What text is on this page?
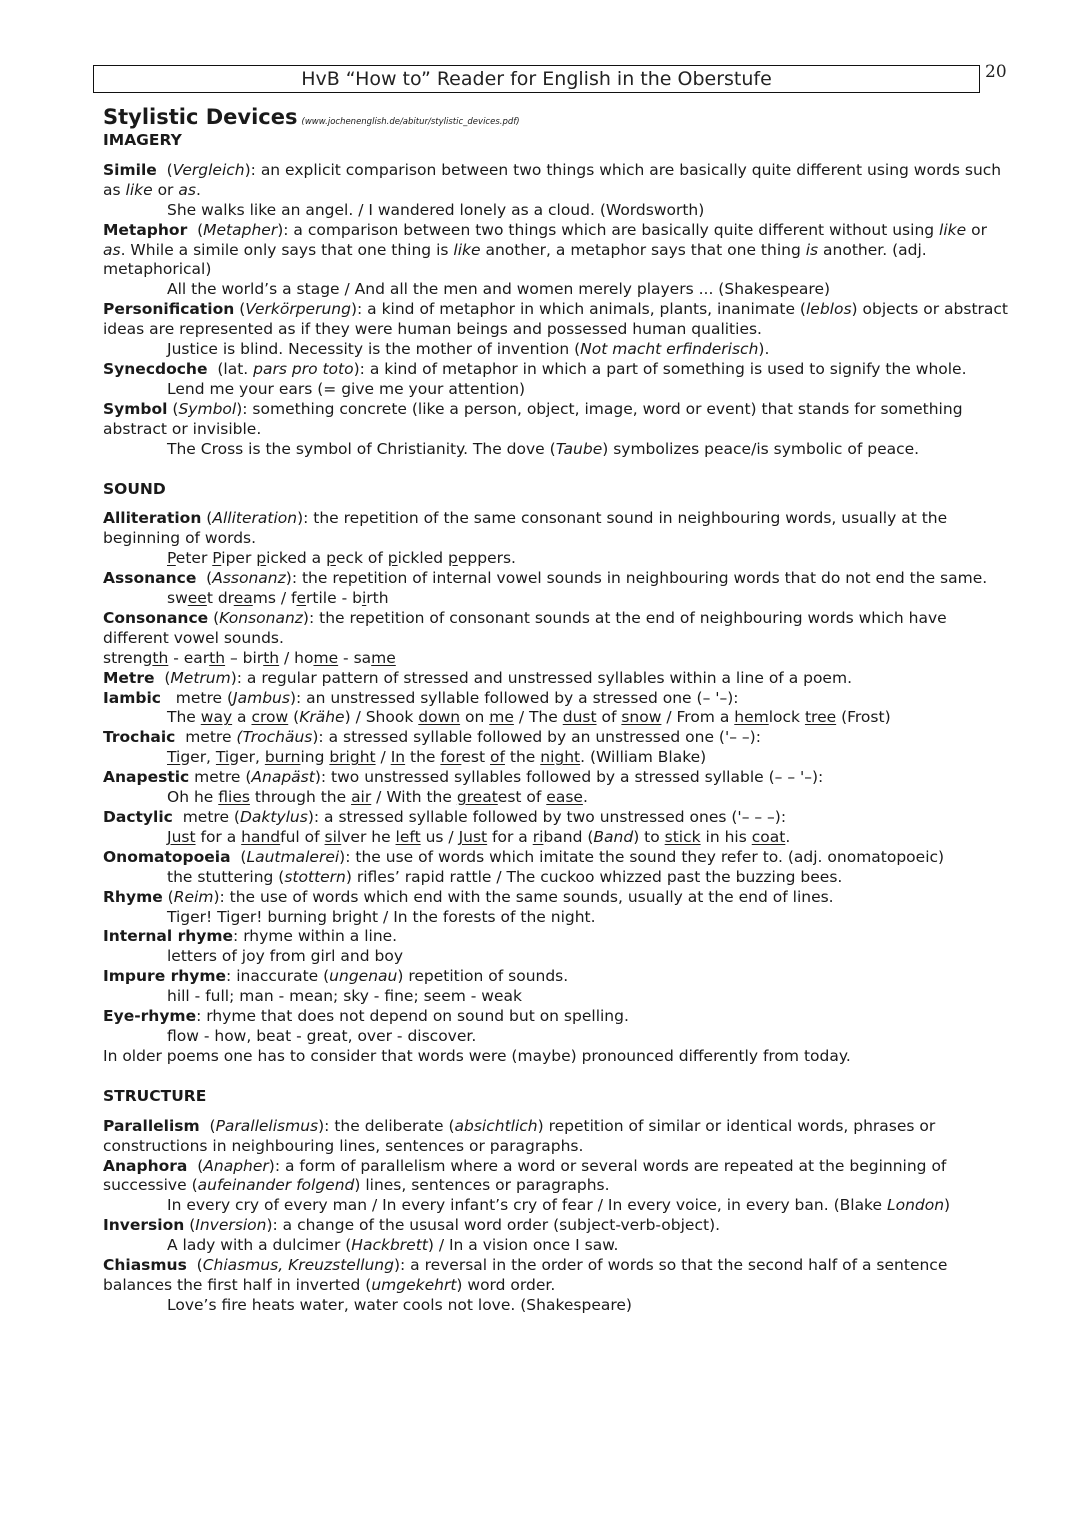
HvB “How to” Reader for English in the Oberstufe	20
Stylistic Devices (www.jochenenglish.de/abitur/stylistic_devices.pdf)
IMAGERY

Simile  (Vergleich): an explicit comparison between two things which are basically quite different using words such as like or as.

She walks like an angel. / I wandered lonely as a cloud. (Wordsworth)

Metaphor  (Metapher): a comparison between two things which are basically quite different without using like or as. While a simile only says that one thing is like another, a metaphor says that one thing is another. (adj. metaphorical)

All the world’s a stage / And all the men and women merely players ... (Shakespeare)

Personification (Verkörperung): a kind of metaphor in which animals, plants, inanimate (leblos) objects or abstract ideas are represented as if they were human beings and possessed human qualities.

Justice is blind. Necessity is the mother of invention (Not macht erfinderisch).

Synecdoche  (lat. pars pro toto): a kind of metaphor in which a part of something is used to signify the whole.

Lend me your ears (= give me your attention)

Symbol (Symbol): something concrete (like a person, object, image, word or event) that stands for something abstract or invisible.

The Cross is the symbol of Christianity. The dove (Taube) symbolizes peace/is symbolic of peace.

SOUND

Alliteration (Alliteration): the repetition of the same consonant sound in neighbouring words, usually at the beginning of words.

Peter Piper picked a peck of pickled peppers.

Assonance  (Assonanz): the repetition of internal vowel sounds in neighbouring words that do not end the same.

sweet dreams / fertile - birth

Consonance (Konsonanz): the repetition of consonant sounds at the end of neighbouring words which have different vowel sounds.

strength - earth – birth / home - same

Metre  (Metrum): a regular pattern of stressed and unstressed syllables within a line of a poem.

Iambic   metre (Jambus): an unstressed syllable followed by a stressed one (– '–):

The way a crow (Krähe) / Shook down on me / The dust of snow / From a hemlock tree (Frost)

Trochaic  metre (Trochäus): a stressed syllable followed by an unstressed one ('– –):

Tiger, Tiger, burning bright / In the forest of the night. (William Blake)

Anapestic metre (Anapäst): two unstressed syllables followed by a stressed syllable (– – '–):

Oh he flies through the air / With the greatest of ease.

Dactylic  metre (Daktylus): a stressed syllable followed by two unstressed ones ('– – –):

Just for a handful of silver he left us / Just for a riband (Band) to stick in his coat.

Onomatopoeia  (Lautmalerei): the use of words which imitate the sound they refer to. (adj. onomatopoeic)

the stuttering (stottern) rifles’ rapid rattle / The cuckoo whizzed past the buzzing bees.

Rhyme (Reim): the use of words which end with the same sounds, usually at the end of lines.

Tiger! Tiger! burning bright / In the forests of the night.

Internal rhyme: rhyme within a line.

letters of joy from girl and boy

Impure rhyme: inaccurate (ungenau) repetition of sounds.

hill - full; man - mean; sky - fine; seem - weak

Eye-rhyme: rhyme that does not depend on sound but on spelling.

flow - how, beat - great, over - discover.

In older poems one has to consider that words were (maybe) pronounced differently from today.

STRUCTURE

Parallelism  (Parallelismus): the deliberate (absichtlich) repetition of similar or identical words, phrases or constructions in neighbouring lines, sentences or paragraphs.

Anaphora  (Anapher): a form of parallelism where a word or several words are repeated at the beginning of successive (aufeinander folgend) lines, sentences or paragraphs.

In every cry of every man / In every infant’s cry of fear / In every voice, in every ban. (Blake London)

Inversion (Inversion): a change of the ususal word order (subject-verb-object).

A lady with a dulcimer (Hackbrett) / In a vision once I saw.

Chiasmus  (Chiasmus, Kreuzstellung): a reversal in the order of words so that the second half of a sentence balances the first half in inverted (umgekehrt) word order.

Love’s fire heats water, water cools not love. (Shakespeare)
